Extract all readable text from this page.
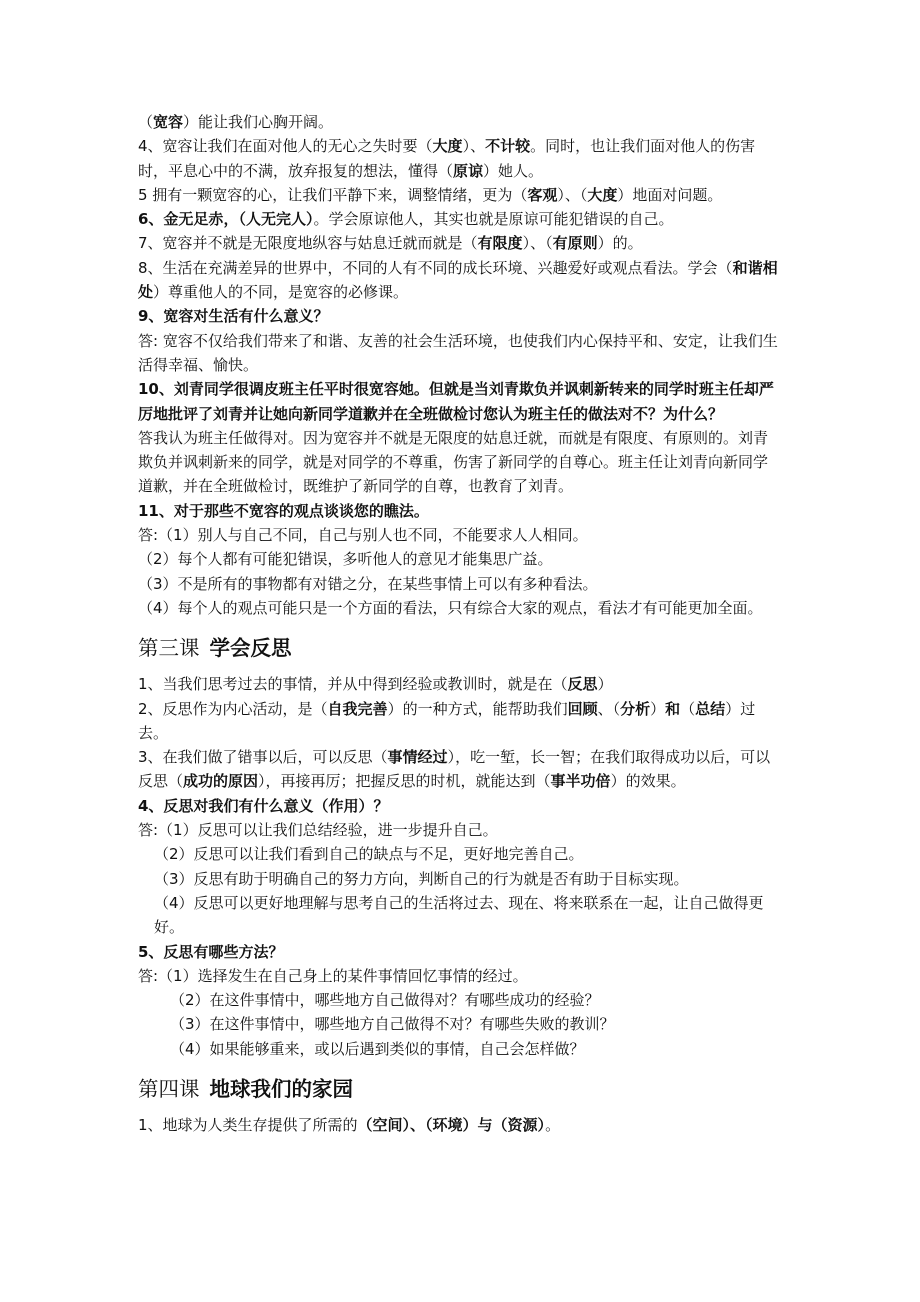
（宽容）能让我们心胸开阔。

4、宽容让我们在面对他人的无心之失时要（大度）、不计较。同时，也让我们面对他人的伤害时，平息心中的不满，放弃报复的想法，懂得（原谅）她人。

5 拥有一颗宽容的心，让我们平静下来，调整情绪，更为（客观）、（大度）地面对问题。

6、金无足赤，（人无完人）。学会原谅他人，其实也就是原谅可能犯错误的自己。

7、宽容并不就是无限度地纵容与姑息迁就而就是（有限度）、（有原则）的。

8、生活在充满差异的世界中，不同的人有不同的成长环境、兴趣爱好或观点看法。学会（和谐相处）尊重他人的不同，是宽容的必修课。

9、宽容对生活有什么意义？

答: 宽容不仅给我们带来了和谐、友善的社会生活环境，也使我们内心保持平和、安定，让我们生活得幸福、愉快。

10、刘青同学很调皮班主任平时很宽容她。但就是当刘青欺负并讽刺新转来的同学时班主任却严厉地批评了刘青并让她向新同学道歉并在全班做检讨您认为班主任的做法对不？为什么？

答我认为班主任做得对。因为宽容并不就是无限度的姑息迁就，而就是有限度、有原则的。刘青欺负并讽刺新来的同学，就是对同学的不尊重，伤害了新同学的自尊心。班主任让刘青向新同学道歉，并在全班做检讨，既维护了新同学的自尊，也教育了刘青。

11、对于那些不宽容的观点谈谈您的瞧法。

答:（1）别人与自己不同，自己与别人也不同，不能要求人人相同。

（2）每个人都有可能犯错误，多听他人的意见才能集思广益。

（3）不是所有的事物都有对错之分，在某些事情上可以有多种看法。

（4）每个人的观点可能只是一个方面的看法，只有综合大家的观点，看法才有可能更加全面。

第三课 学会反思

1、当我们思考过去的事情，并从中得到经验或教训时，就是在（反思）

2、反思作为内心活动，是（自我完善）的一种方式，能帮助我们回顾、（分析）和（总结）过去。

3、在我们做了错事以后，可以反思（事情经过），吃一堑，长一智；在我们取得成功以后，可以反思（成功的原因），再接再厉；把握反思的时机，就能达到（事半功倍）的效果。

4、反思对我们有什么意义（作用）？

答:（1）反思可以让我们总结经验，进一步提升自己。

（2）反思可以让我们看到自己的缺点与不足，更好地完善自己。

（3）反思有助于明确自己的努力方向，判断自己的行为就是否有助于目标实现。

（4）反思可以更好地理解与思考自己的生活将过去、现在、将来联系在一起，让自己做得更好。

5、反思有哪些方法？

答:（1）选择发生在自己身上的某件事情回忆事情的经过。

（2）在这件事情中，哪些地方自己做得对？有哪些成功的经验？

（3）在这件事情中，哪些地方自己做得不对？有哪些失败的教训？

（4）如果能够重来，或以后遇到类似的事情，自己会怎样做？

第四课 地球我们的家园

1、地球为人类生存提供了所需的（空间）、（环境）与（资源）。
